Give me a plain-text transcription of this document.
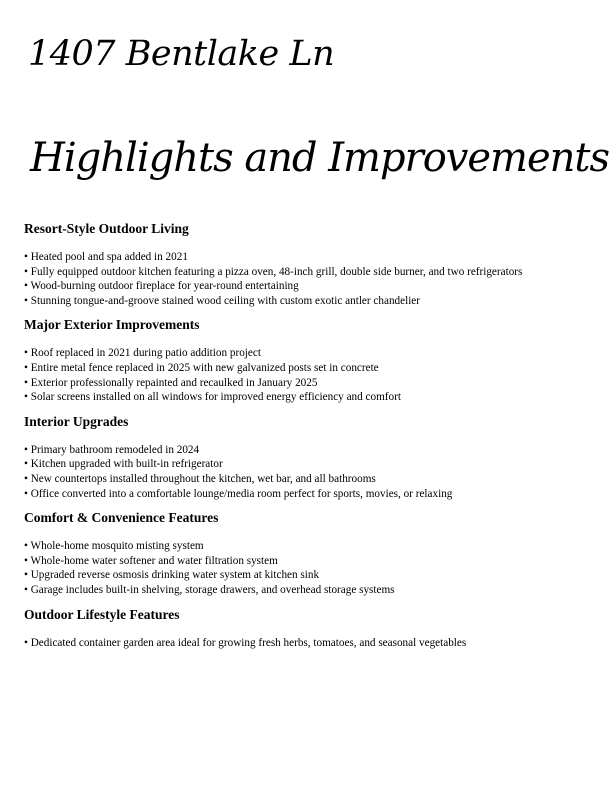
1407 Bentlake Ln
Highlights and Improvements
Resort-Style Outdoor Living
• Heated pool and spa added in 2021
• Fully equipped outdoor kitchen featuring a pizza oven, 48-inch grill, double side burner, and two refrigerators
• Wood-burning outdoor fireplace for year-round entertaining
• Stunning tongue-and-groove stained wood ceiling with custom exotic antler chandelier
Major Exterior Improvements
• Roof replaced in 2021 during patio addition project
• Entire metal fence replaced in 2025 with new galvanized posts set in concrete
• Exterior professionally repainted and recaulked in January 2025
• Solar screens installed on all windows for improved energy efficiency and comfort
Interior Upgrades
• Primary bathroom remodeled in 2024
• Kitchen upgraded with built-in refrigerator
• New countertops installed throughout the kitchen, wet bar, and all bathrooms
• Office converted into a comfortable lounge/media room perfect for sports, movies, or relaxing
Comfort & Convenience Features
• Whole-home mosquito misting system
• Whole-home water softener and water filtration system
• Upgraded reverse osmosis drinking water system at kitchen sink
• Garage includes built-in shelving, storage drawers, and overhead storage systems
Outdoor Lifestyle Features
• Dedicated container garden area ideal for growing fresh herbs, tomatoes, and seasonal vegetables
